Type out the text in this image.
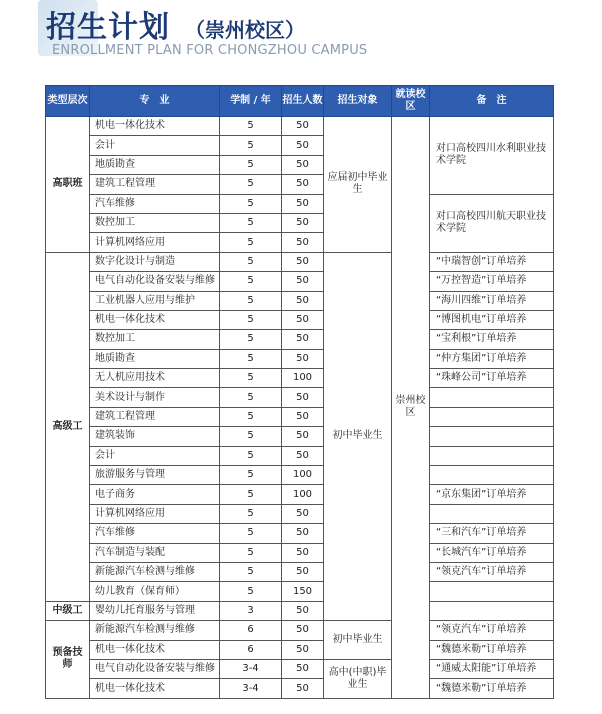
招生计划 （崇州校区）
ENROLLMENT PLAN FOR CHONGZHOU CAMPUS
类型层次	专　业	学制 / 年	招生人数	招生对象	就读校区	备　注
高职班	机电一体化技术	5	50	应届初中毕业生	崇州校区	对口高校四川水利职业技术学院
	会计	5	50			
	地质勘查	5	50			
	建筑工程管理	5	50			
	汽车维修	5	50			对口高校四川航天职业技术学院
	数控加工	5	50			
	计算机网络应用	5	50			
高级工	数字化设计与制造	5	50	初中毕业生		“中瑞智创”订单培养
	电气自动化设备安装与维修	5	50			“万控智造”订单培养
	工业机器人应用与维护	5	50			“海川四维”订单培养
	机电一体化技术	5	50			“博图机电”订单培养
	数控加工	5	50			“宝利根”订单培养
	地质勘查	5	50			“仲方集团”订单培养
	无人机应用技术	5	100			“珠峰公司”订单培养
	美术设计与制作	5	50			
	建筑工程管理	5	50			
	建筑装饰	5	50			
	会计	5	50			
	旅游服务与管理	5	100			
	电子商务	5	100			“京东集团”订单培养
	计算机网络应用	5	50			
	汽车维修	5	50			“三和汽车”订单培养
	汽车制造与装配	5	50			“长城汽车”订单培养
	新能源汽车检测与维修	5	50			“领克汽车”订单培养
	幼儿教育（保育师）	5	150			
中级工	婴幼儿托育服务与管理	3	50			
预备技师	新能源汽车检测与维修	6	50	初中毕业生		“领克汽车”订单培养
	机电一体化技术	6	50			“魏德米勒”订单培养
	电气自动化设备安装与维修	3-4	50	高中(中职)毕业生		“通威太阳能”订单培养
	机电一体化技术	3-4	50			“魏德米勒”订单培养
